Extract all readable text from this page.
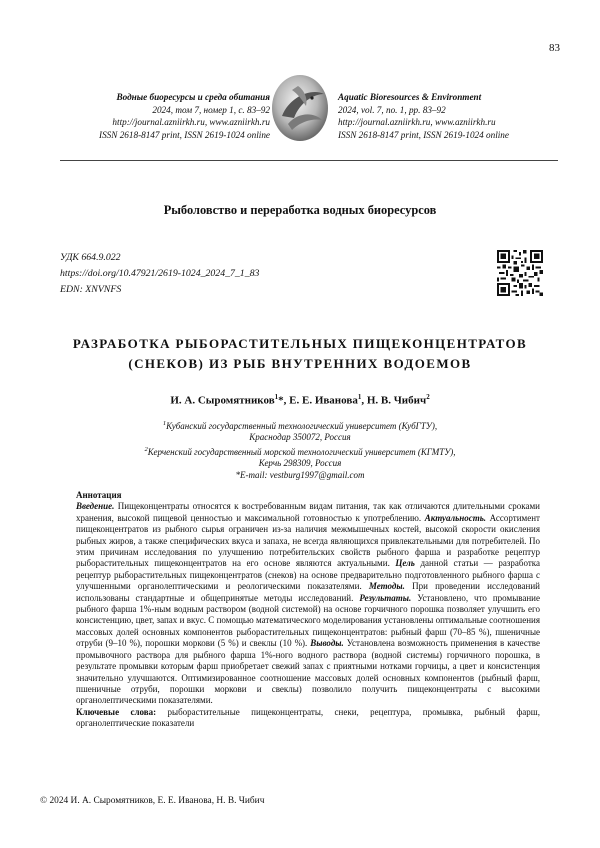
83
Водные биоресурсы и среда обитания
2024, том 7, номер 1, с. 83–92
http://journal.azniirkh.ru, www.azniirkh.ru
ISSN 2618-8147 print, ISSN 2619-1024 online
Aquatic Bioresources & Environment
2024, vol. 7, no. 1, pp. 83–92
http://journal.azniirkh.ru, www.azniirkh.ru
ISSN 2618-8147 print, ISSN 2619-1024 online
Рыболовство и переработка водных биоресурсов
УДК 664.9.022
https://doi.org/10.47921/2619-1024_2024_7_1_83
EDN: XNVNFS
РАЗРАБОТКА РЫБОРАСТИТЕЛЬНЫХ ПИЩЕКОНЦЕНТРАТОВ
(СНЕКОВ) ИЗ РЫБ ВНУТРЕННИХ ВОДОЕМОВ
И. А. Сыромятников$^1$*, Е. Е. Иванова$^1$, Н. В. Чибич$^2$
$^1$Кубанский государственный технологический университет (КубГТУ),
Краснодар 350072, Россия
$^2$Керченский государственный морской технологический университет (КГМТУ),
Керчь 298309, Россия
*E-mail: vestburg1997@gmail.com
Аннотация

Введение. Пищеконцентраты относятся к востребованным видам питания, так как отличаются длительными сроками хранения, высокой пищевой ценностью и максимальной готовностью к употреблению. Актуальность. Ассортимент пищеконцентратов из рыбного сырья ограничен из-за наличия межмышечных костей, высокой скорости окисления рыбных жиров, а также специфических вкуса и запаха, не всегда являющихся привлекательными для потребителей. По этим причинам исследования по улучшению потребительских свойств рыбного фарша и разработке рецептур рыборастительных пищеконцентратов на его основе являются актуальными. Цель данной статьи — разработка рецептур рыборастительных пищеконцентратов (снеков) на основе предварительно подготовленного рыбного фарша с улучшенными органолептическими и реологическими показателями. Методы. При проведении исследований использованы стандартные и общепринятые методы исследований. Результаты. Установлено, что промывание рыбного фарша 1%-ным водным раствором (водной системой) на основе горчичного порошка позволяет улучшить его консистенцию, цвет, запах и вкус. С помощью математического моделирования установлены оптимальные соотношения массовых долей основных компонентов рыборастительных пищеконцентратов: рыбный фарш (70–85 %), пшеничные отруби (9–10 %), порошки моркови (5 %) и свеклы (10 %). Выводы. Установлена возможность применения в качестве промывочного раствора для рыбного фарша 1%-ного водного раствора (водной системы) горчичного порошка, в результате промывки которым фарш приобретает свежий запах с приятными нотками горчицы, а цвет и консистенция значительно улучшаются. Оптимизированное соотношение массовых долей основных компонентов (рыбный фарш, пшеничные отруби, порошки моркови и свеклы) позволило получить пищеконцентраты с высокими органолептическими показателями.

Ключевые слова: рыборастительные пищеконцентраты, снеки, рецептура, промывка, рыбный фарш, органолептические показатели

© 2024 И. А. Сыромятников, Е. Е. Иванова, Н. В. Чибич
